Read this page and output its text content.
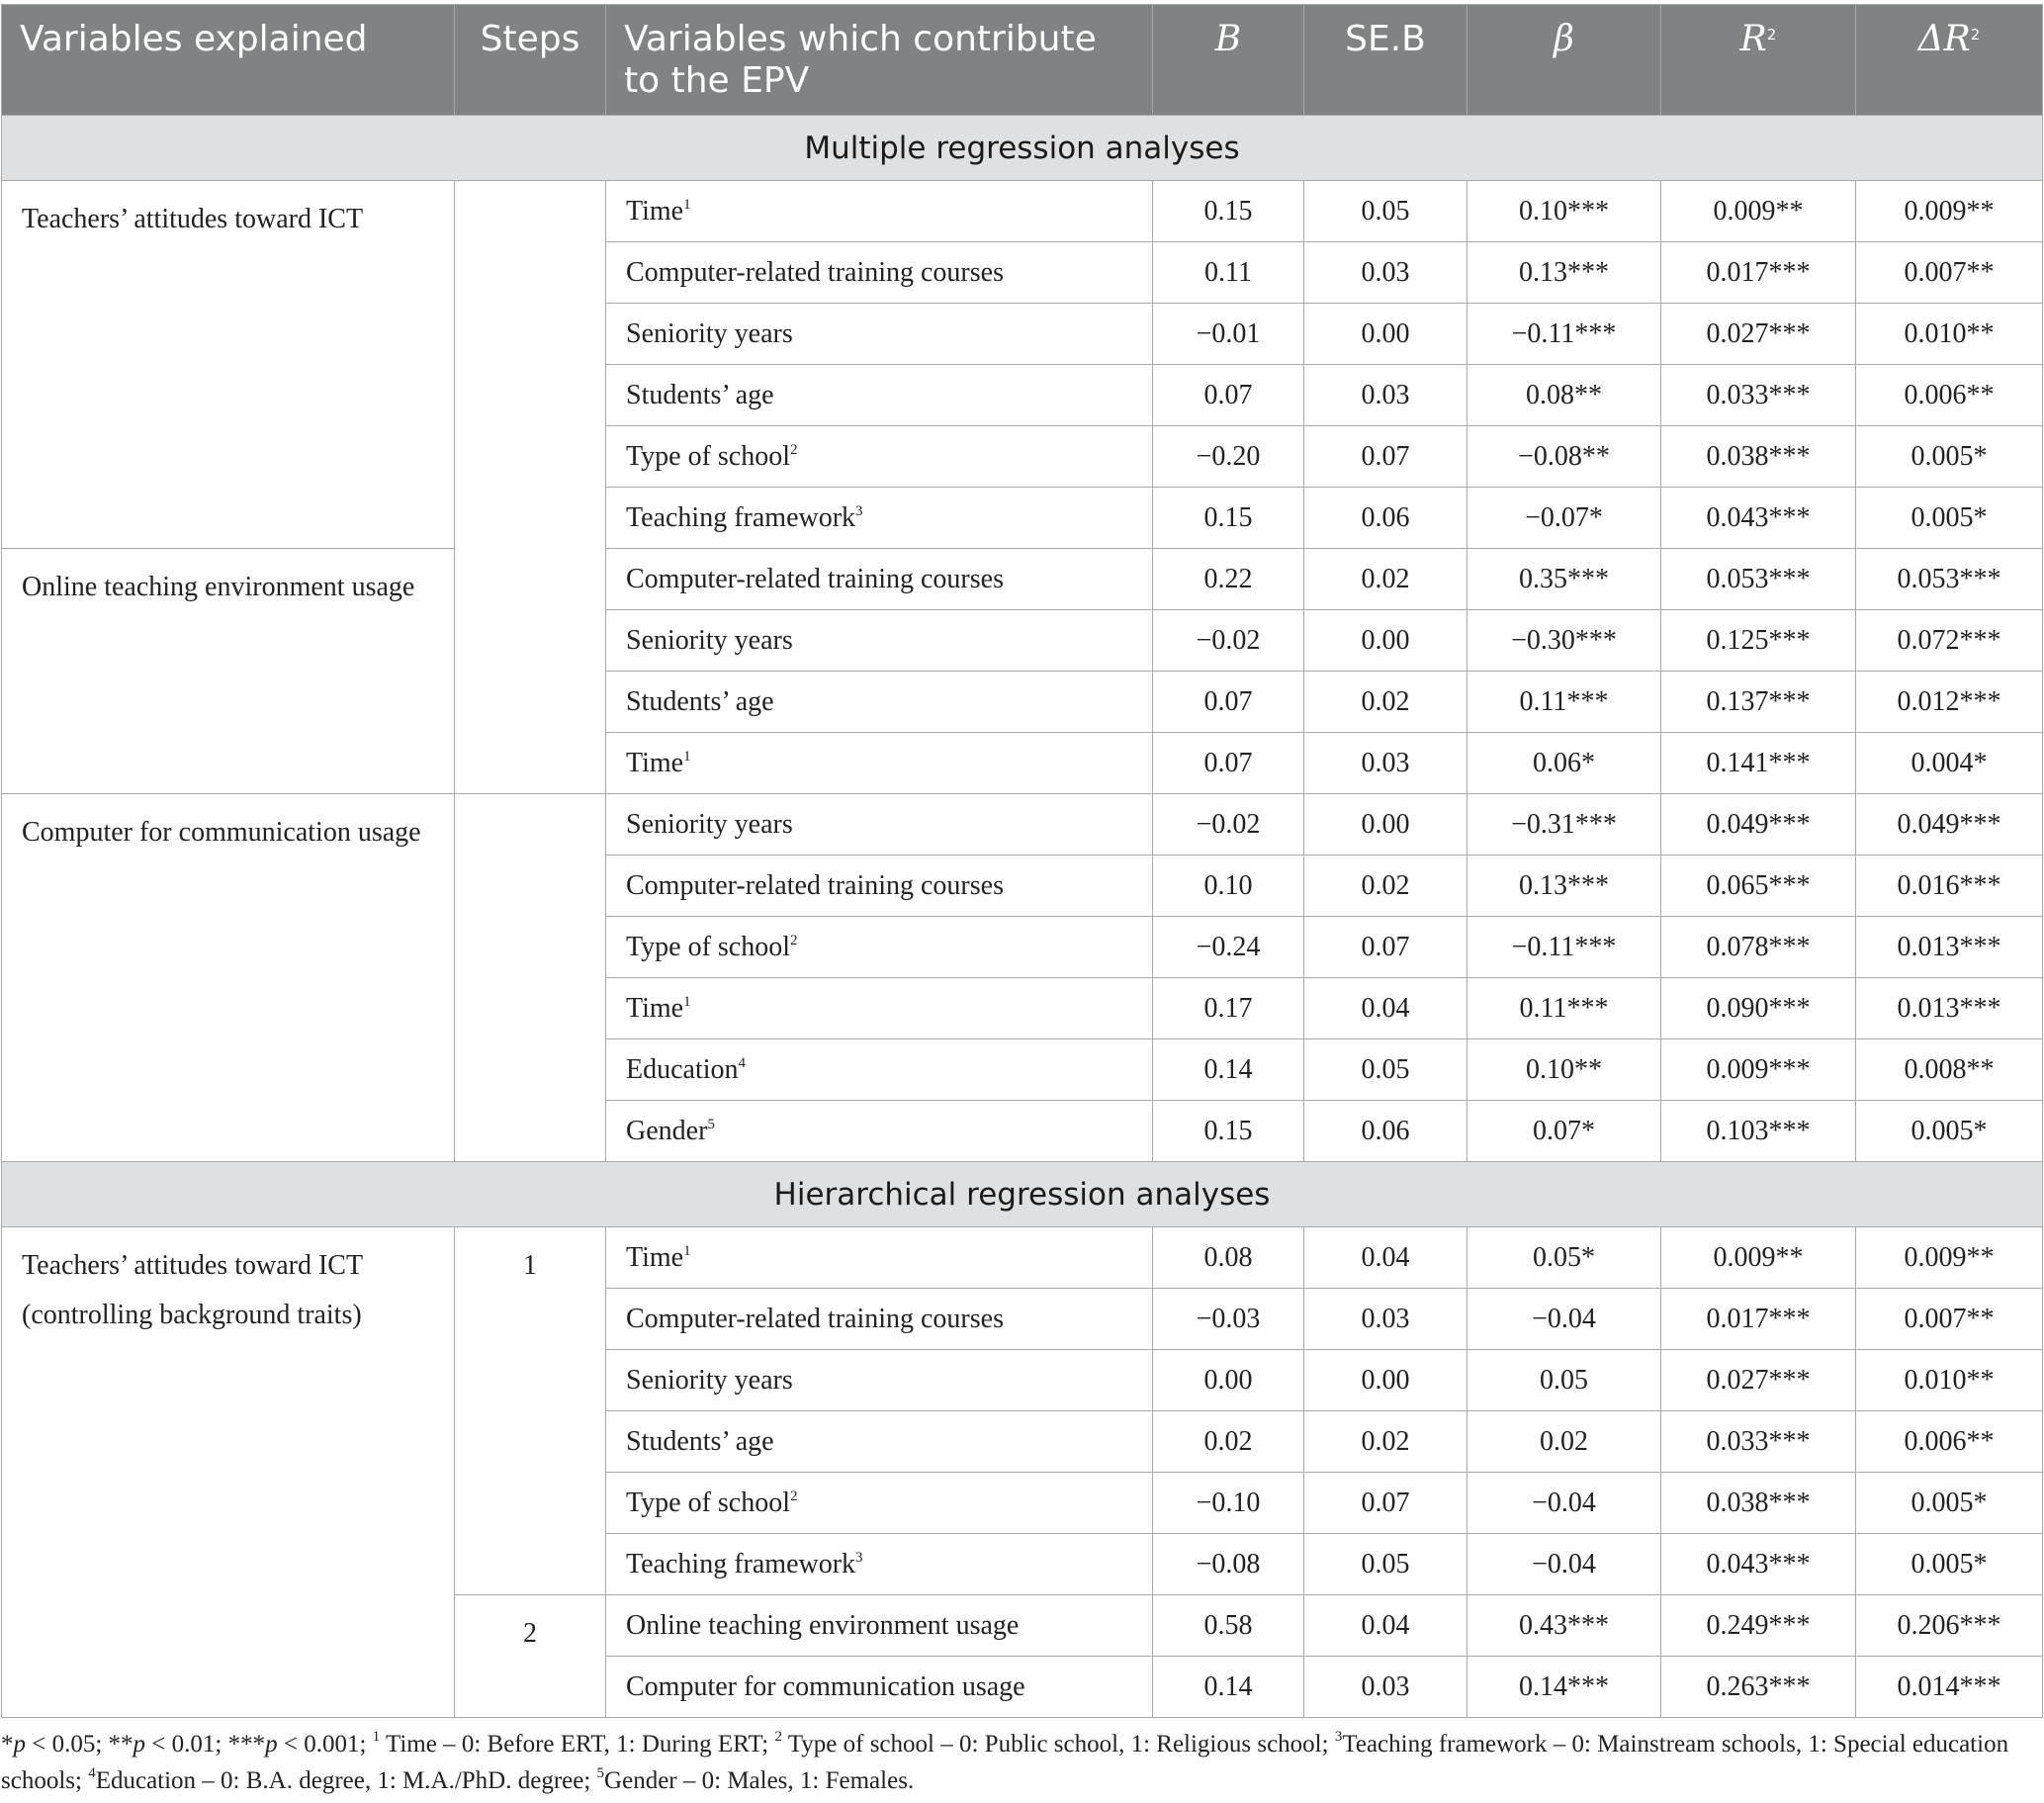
Variables explained	Steps	Variables which contribute to the EPV	B	SE.B	β	$R^2$	$\Delta R^2$
Multiple regression analyses							
Teachers’ attitudes toward ICT		Time$^1$	0.15	0.05	0.10***	0.009**	0.009**
		Computer-related training courses	0.11	0.03	0.13***	0.017***	0.007**
		Seniority years	−0.01	0.00	−0.11***	0.027***	0.010**
		Students’ age	0.07	0.03	0.08**	0.033***	0.006**
		Type of school$^2$	−0.20	0.07	−0.08**	0.038***	0.005*
		Teaching framework$^3$	0.15	0.06	−0.07*	0.043***	0.005*
Online teaching environment usage		Computer-related training courses	0.22	0.02	0.35***	0.053***	0.053***
		Seniority years	−0.02	0.00	−0.30***	0.125***	0.072***
		Students’ age	0.07	0.02	0.11***	0.137***	0.012***
		Time$^1$	0.07	0.03	0.06*	0.141***	0.004*
Computer for communication usage		Seniority years	−0.02	0.00	−0.31***	0.049***	0.049***
		Computer-related training courses	0.10	0.02	0.13***	0.065***	0.016***
		Type of school$^2$	−0.24	0.07	−0.11***	0.078***	0.013***
		Time$^1$	0.17	0.04	0.11***	0.090***	0.013***
		Education$^4$	0.14	0.05	0.10**	0.009***	0.008**
		Gender$^5$	0.15	0.06	0.07*	0.103***	0.005*
Hierarchical regression analyses							
Teachers’ attitudes toward ICT
(controlling background traits)	1	Time$^1$	0.08	0.04	0.05*	0.009**	0.009**
		Computer-related training courses	−0.03	0.03	−0.04	0.017***	0.007**
		Seniority years	0.00	0.00	0.05	0.027***	0.010**
		Students’ age	0.02	0.02	0.02	0.033***	0.006**
		Type of school$^2$	−0.10	0.07	−0.04	0.038***	0.005*
		Teaching framework$^3$	−0.08	0.05	−0.04	0.043***	0.005*
	2	Online teaching environment usage	0.58	0.04	0.43***	0.249***	0.206***
		Computer for communication usage	0.14	0.03	0.14***	0.263***	0.014***
*p < 0.05; **p < 0.01; ***p < 0.001; $^1$ Time – 0: Before ERT, 1: During ERT; $^2$ Type of school – 0: Public school, 1: Religious school; $^3$Teaching framework – 0: Mainstream schools, 1: Special education schools; $^4$Education – 0: B.A. degree, 1: M.A./PhD. degree; $^5$Gender – 0: Males, 1: Females.
